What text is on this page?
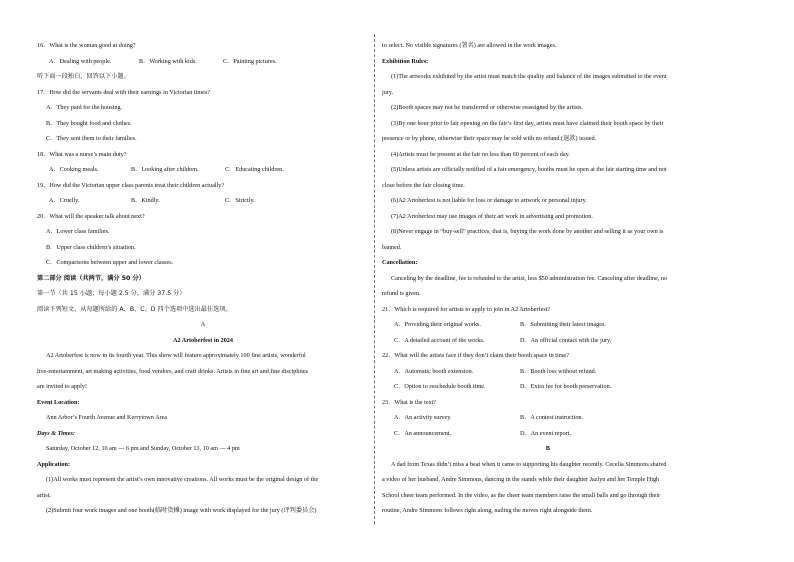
16．What is the woman good at doing?
A．Dealing with people.	B．Working with kids.	C．Painting pictures.
听下面一段独白，回答以下小题。
17．How did the servants deal with their earnings in Victorian times?
A．They paid for the housing.
B．They bought food and clothes.
C．They sent them to their families.
18．What was a nurse’s main duty?
A．Cooking meals.	B．Looking after children.	C．Educating children.
19．How did the Victorian upper class parents treat their children actually?
A．Cruelly.	B．Kindly.	C．Strictly.
20．What will the speaker talk about next?
A．Lower class families.
B．Upper class children’s situation.
C．Comparisons between upper and lower classes.
第二部分 阅读（共两节，满分 50 分）
第一节（共 15 小题；每小题 2.5 分，满分 37.5 分）
阅读下列短文，从每题所给的 A、B、C、D 四个选项中选出最佳选项。
A
A2 Artoberfest in 2024
A2 Artoberfest is now in its fourth year. This show will feature approximately 100 fine artists, wonderful
live-entertainment, art making activities, food vendors, and craft drinks. Artists in fine art and fine disciplines
are invited to apply!
Event Location:
Ann Arbor’s Fourth Avenue and Kerrytown Area
Days & Times:
Saturday, October 12, 10 am — 6 pm and Sunday, October 13, 10 am — 4 pm
Application:
(1)All works must represent the artist’s own innovative creations. All works must be the original design of the
artist.
(2)Submit four work images and one booth(临时货摊) image with work displayed for the jury (评判委员会)
to select. No visible signatures (署名) are allowed in the work images.
Exhibition Rules:
(1)The artworks exhibited by the artist must match the quality and balance of the images submitted to the event
jury.
(2)Booth spaces may not be transferred or otherwise reassigned by the artists.
(3)By one hour prior to fair opening on the fair’s first day, artists must have claimed their booth space by their
presence or by phone, otherwise their space may be sold with no refund (退款) issued.
(4)Artists must be present at the fair no less than 60 percent of each day.
(5)Unless artists are officially notified of a fair emergency, booths must be open at the fair starting time and not
close before the fair closing time.
(6)A2 Artoberfest is not liable for loss or damage to artwork or personal injury.
(7)A2 Artoberfest may use images of their art work in advertising and promotion.
(8)Never engage in “buy-sell” practices, that is, buying the work done by another and selling it as your own is
banned.
Cancellation:
Canceling by the deadline, fee is refunded to the artist, less $50 administration fee. Canceling after deadline, no
refund is given.
21．Which is required for artists to apply to join in A2 Artoberfest?
A．Providing their original works.	B．Submitting their latest images.
C．A detailed account of the works.	D．An official contact with the jury.
22．What will the artists face if they don’t claim their booth space in time?
A．Automatic booth extension.	B．Booth loss without refund.
C．Option to reschedule booth time.	D．Extra fee for booth preservation.
23．What is the text?
A．An activity survey.	B．A contest instruction.
C．An announcement.	D．An event report.
B
A dad from Texas didn’t miss a beat when it came to supporting his daughter recently. Cecelia Simmons shared
a video of her husband, Andre Simmons, dancing in the stands while their daughter Jazlyn and her Temple High
School cheer team performed. In the video, as the cheer team members raise the small balls and go through their
routine, Andre Simmons follows right along, nailing the moves right alongside them.
